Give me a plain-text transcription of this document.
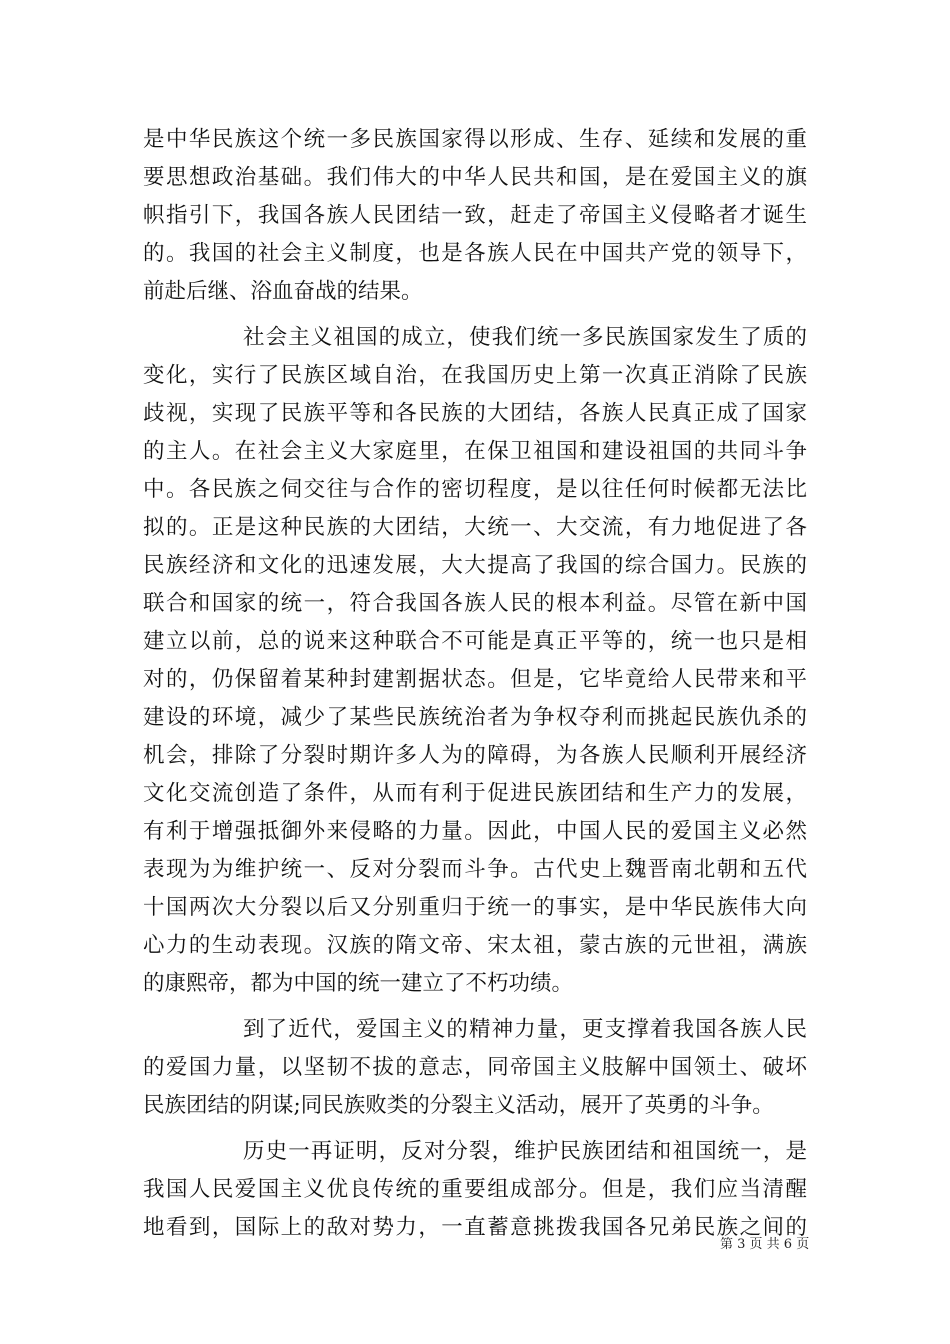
是中华民族这个统一多民族国家得以形成、生存、延续和发展的重
要思想政治基础。我们伟大的中华人民共和国，是在爱国主义的旗
帜指引下，我国各族人民团结一致，赶走了帝国主义侵略者才诞生
的。我国的社会主义制度，也是各族人民在中国共产党的领导下，
前赴后继、浴血奋战的结果。
社会主义祖国的成立，使我们统一多民族国家发生了质的
变化，实行了民族区域自治，在我国历史上第一次真正消除了民族
歧视，实现了民族平等和各民族的大团结，各族人民真正成了国家
的主人。在社会主义大家庭里，在保卫祖国和建设祖国的共同斗争
中。各民族之伺交往与合作的密切程度，是以往任何时候都无法比
拟的。正是这种民族的大团结，大统一、大交流，有力地促进了各
民族经济和文化的迅速发展，大大提高了我国的综合国力。民族的
联合和国家的统一，符合我国各族人民的根本利益。尽管在新中国
建立以前，总的说来这种联合不可能是真正平等的，统一也只是相
对的，仍保留着某种封建割据状态。但是，它毕竟给人民带来和平
建设的环境，减少了某些民族统治者为争权夺利而挑起民族仇杀的
机会，排除了分裂时期许多人为的障碍，为各族人民顺利开展经济
文化交流创造了条件，从而有利于促进民族团结和生产力的发展，
有利于增强抵御外来侵略的力量。因此，中国人民的爱国主义必然
表现为为维护统一、反对分裂而斗争。古代史上魏晋南北朝和五代
十国两次大分裂以后又分别重归于统一的事实，是中华民族伟大向
心力的生动表现。汉族的隋文帝、宋太祖，蒙古族的元世祖，满族
的康熙帝，都为中国的统一建立了不朽功绩。
到了近代，爱国主义的精神力量，更支撑着我国各族人民
的爱国力量，以坚韧不拔的意志，同帝国主义肢解中国领土、破坏
民族团结的阴谋;同民族败类的分裂主义活动，展开了英勇的斗争。
历史一再证明，反对分裂，维护民族团结和祖国统一，是
我国人民爱国主义优良传统的重要组成部分。但是，我们应当清醒
地看到，国际上的敌对势力，一直蓄意挑拨我国各兄弟民族之间的
第 3 页 共 6 页
